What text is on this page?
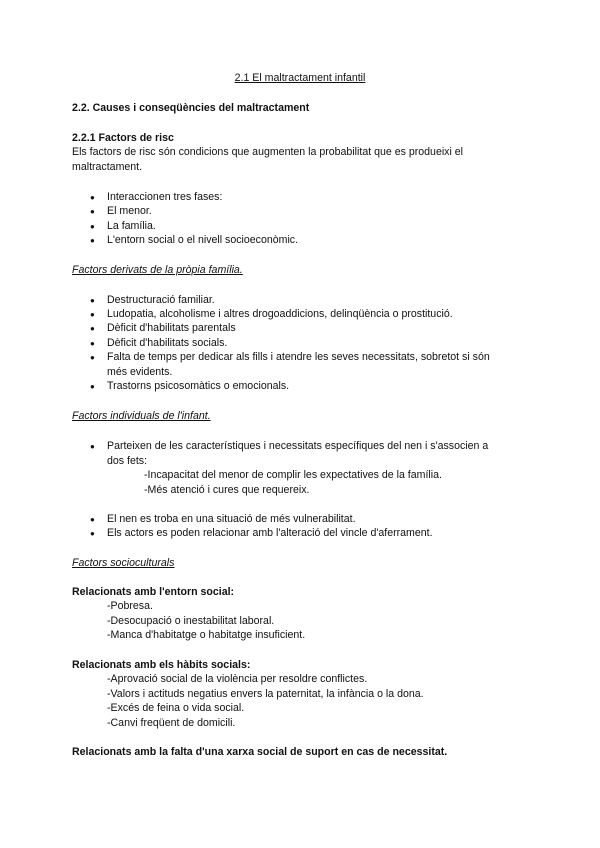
2.1 El maltractament infantil
2.2. Causes i conseqüències del maltractament
2.2.1 Factors de risc
Els factors de risc són condicions que augmenten la probabilitat que es produeixi el
maltractament.
● Interaccionen tres fases:
● El menor.
● La família.
● L'entorn social o el nivell socioeconòmic.
Factors derivats de la pròpia família.
● Destructuració familiar.
● Ludopatia, alcoholisme i altres drogoaddicions, delinqüència o prostitució.
● Dèficit d'habilitats parentals
● Dèficit d'habilitats socials.
● Falta de temps per dedicar als fills i atendre les seves necessitats, sobretot si són
més evidents.
● Trastorns psicosomàtics o emocionals.
Factors individuals de l'infant.
● Parteixen de les característiques i necessitats específiques del nen i s'associen a
dos fets:
-Incapacitat del menor de complir les expectatives de la família.
-Més atenció i cures que requereix.
● El nen es troba en una situació de més vulnerabilitat.
● Els actors es poden relacionar amb l'alteració del vincle d'aferrament.
Factors socioculturals
Relacionats amb l'entorn social:
-Pobresa.
-Desocupació o inestabilitat laboral.
-Manca d'habitatge o habitatge insuficient.
Relacionats amb els hàbits socials:
-Aprovació social de la violència per resoldre conflictes.
-Valors i actituds negatius envers la paternitat, la infància o la dona.
-Excés de feina o vida social.
-Canvi freqüent de domicili.
Relacionats amb la falta d'una xarxa social de suport en cas de necessitat.
